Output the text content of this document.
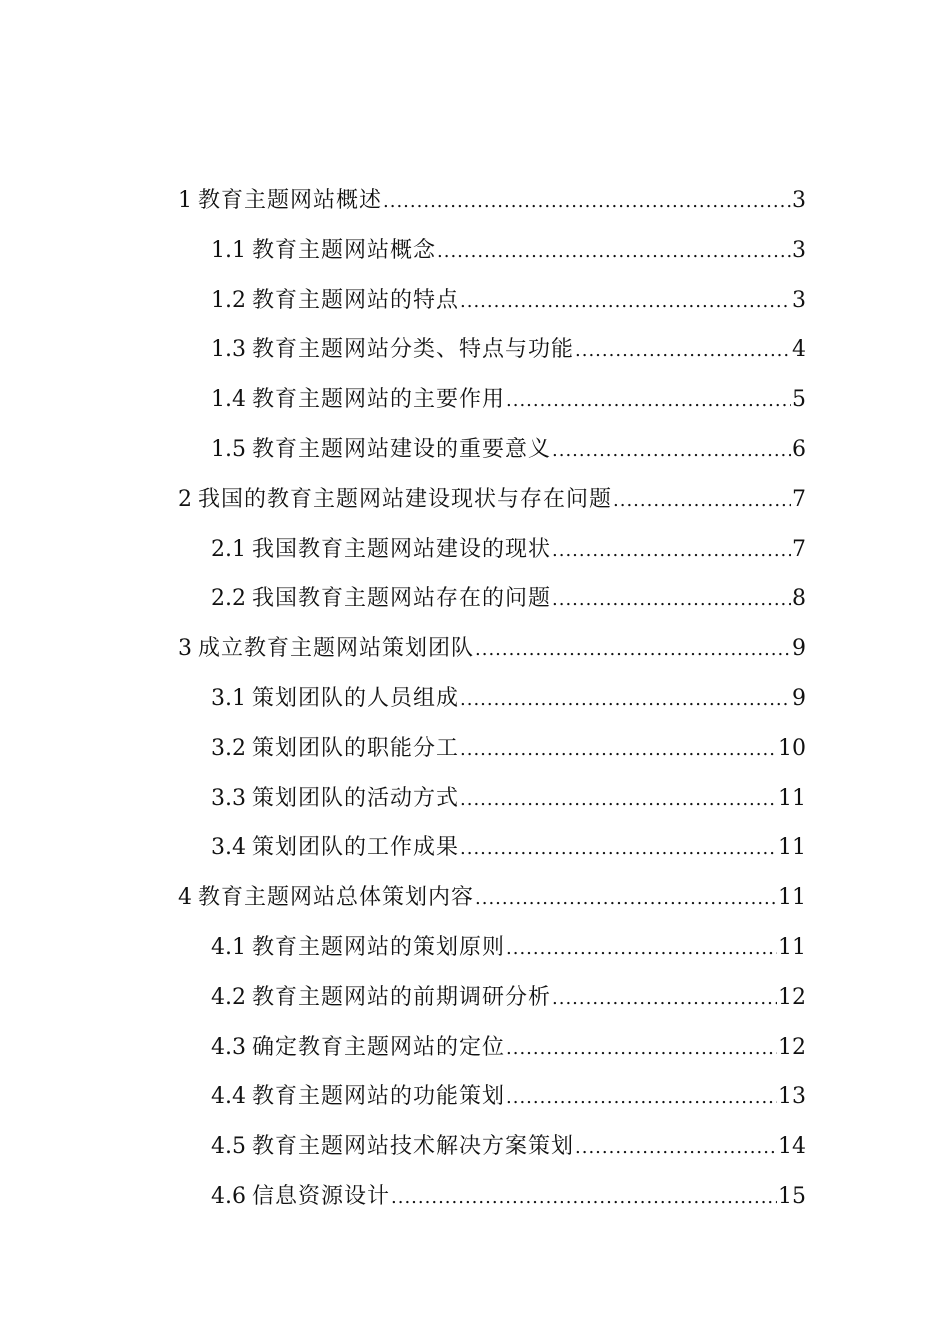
1 教育主题网站概述 .....	3
1.1 教育主题网站概念 .....	3
1.2 教育主题网站的特点 .....	3
1.3 教育主题网站分类、特点与功能 .....	4
1.4 教育主题网站的主要作用 .....	5
1.5 教育主题网站建设的重要意义 .....	6
2 我国的教育主题网站建设现状与存在问题 .....	7
2.1 我国教育主题网站建设的现状 .....	7
2.2 我国教育主题网站存在的问题 .....	8
3 成立教育主题网站策划团队 .....	9
3.1 策划团队的人员组成 .....	9
3.2 策划团队的职能分工 .....	10
3.3 策划团队的活动方式 .....	11
3.4 策划团队的工作成果 .....	11
4 教育主题网站总体策划内容 .....	11
4.1 教育主题网站的策划原则 .....	11
4.2 教育主题网站的前期调研分析 .....	12
4.3 确定教育主题网站的定位 .....	12
4.4 教育主题网站的功能策划 .....	13
4.5 教育主题网站技术解决方案策划 .....	14
4.6 信息资源设计 .....	15
